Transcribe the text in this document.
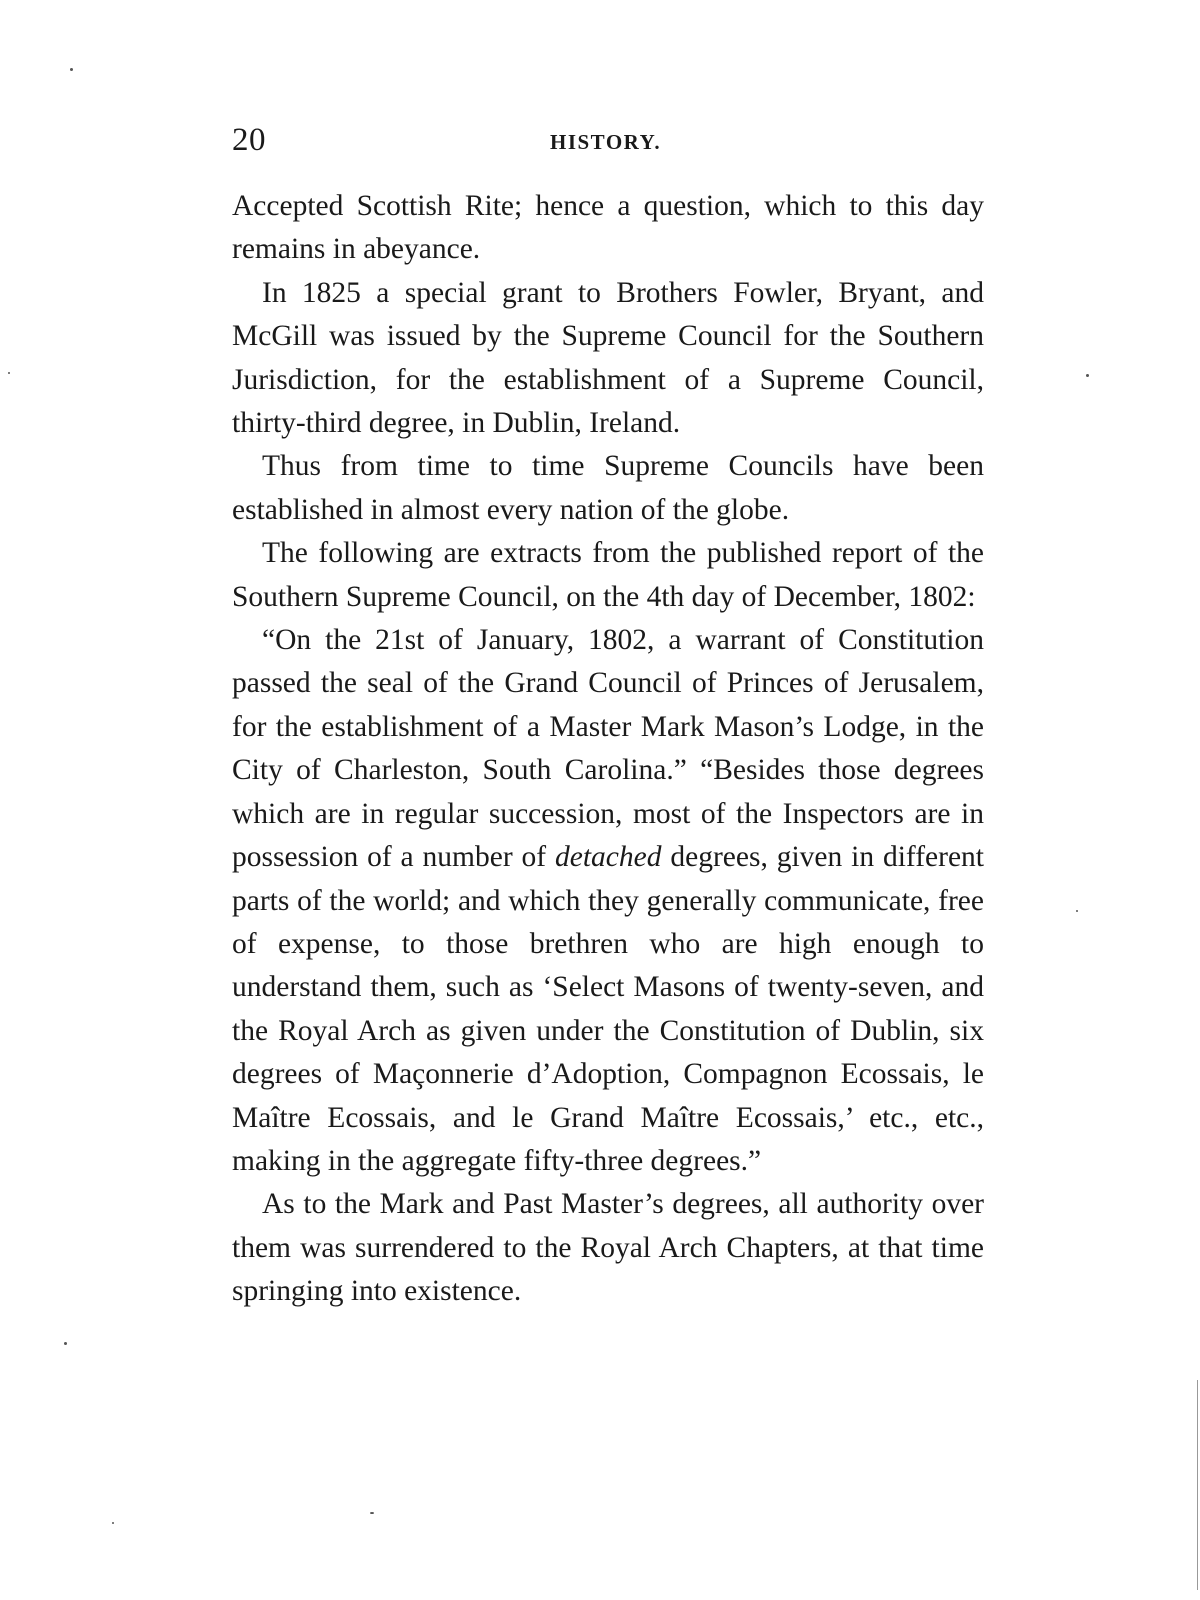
20	HISTORY.

Accepted Scottish Rite; hence a question, which to this day remains in abeyance.

In 1825 a special grant to Brothers Fowler, Bryant, and McGill was issued by the Supreme Council for the Southern Jurisdiction, for the establishment of a Supreme Council, thirty-third degree, in Dublin, Ireland.

Thus from time to time Supreme Councils have been established in almost every nation of the globe.

The following are extracts from the published report of the Southern Supreme Council, on the 4th day of December, 1802:

“On the 21st of January, 1802, a warrant of Constitution passed the seal of the Grand Council of Princes of Jerusalem, for the establishment of a Master Mark Mason’s Lodge, in the City of Charleston, South Carolina.” “Besides those degrees which are in regular succession, most of the Inspectors are in possession of a number of detached degrees, given in different parts of the world; and which they generally communicate, free of expense, to those brethren who are high enough to understand them, such as ‘Select Masons of twenty-seven, and the Royal Arch as given under the Constitution of Dublin, six degrees of Maçonnerie d’Adoption, Compagnon Ecossais, le Maître Ecossais, and le Grand Maître Ecossais,’ etc., etc., making in the aggregate fifty-three degrees.”

As to the Mark and Past Master’s degrees, all authority over them was surrendered to the Royal Arch Chapters, at that time springing into existence.
